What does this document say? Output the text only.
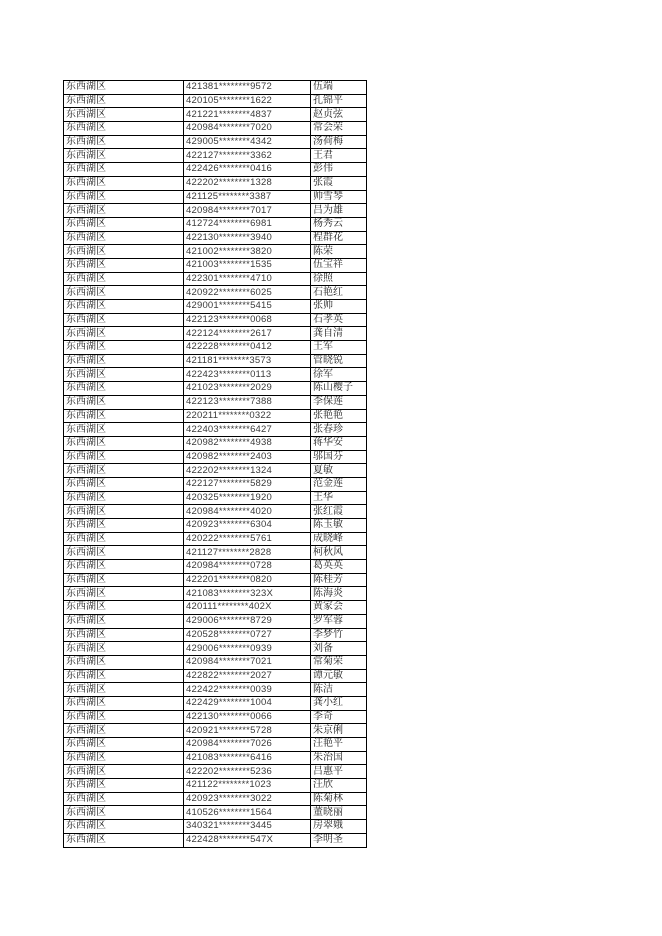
东西湖区	421381********9572	伍端
东西湖区	420105********1622	孔锦平
东西湖区	421221********4837	赵贞弦
东西湖区	420984********7020	常会荣
东西湖区	429005********4342	汤荷梅
东西湖区	422127********3362	王君
东西湖区	422426********0416	彭伟
东西湖区	422202********1328	张霞
东西湖区	421125********3387	帅雪琴
东西湖区	420984********7017	吕为雄
东西湖区	412724********6981	杨秀云
东西湖区	422130********3940	程群花
东西湖区	421002********3820	陈荣
东西湖区	421003********1535	伍宝祥
东西湖区	422301********4710	徐照
东西湖区	420922********6025	石艳红
东西湖区	429001********5415	张帅
东西湖区	422123********0068	石孝英
东西湖区	422124********2617	龚自清
东西湖区	422228********0412	王军
东西湖区	421181********3573	管晓锐
东西湖区	422423********0113	徐军
东西湖区	421023********2029	陈山樱子
东西湖区	422123********7388	李保莲
东西湖区	220211********0322	张艳艳
东西湖区	422403********6427	张春珍
东西湖区	420982********4938	蒋华安
东西湖区	420982********2403	邬国芬
东西湖区	422202********1324	夏敏
东西湖区	422127********5829	范金莲
东西湖区	420325********1920	王华
东西湖区	420984********4020	张红霞
东西湖区	420923********6304	陈玉敏
东西湖区	420222********5761	成晓峰
东西湖区	421127********2828	柯秋风
东西湖区	420984********0728	葛英英
东西湖区	422201********0820	陈桂芳
东西湖区	421083********323X	陈海炎
东西湖区	420111********402X	黄家会
东西湖区	429006********8729	罗军蓉
东西湖区	420528********0727	李梦竹
东西湖区	429006********0939	刘备
东西湖区	420984********7021	常菊荣
东西湖区	422822********2027	谭元敏
东西湖区	422422********0039	陈洁
东西湖区	422429********1004	龚小红
东西湖区	422130********0066	李奇
东西湖区	420921********5728	朱京俐
东西湖区	420984********7026	汪艳平
东西湖区	421083********6416	朱治国
东西湖区	422202********5236	吕惠平
东西湖区	421122********1023	汪欣
东西湖区	420923********3022	陈菊林
东西湖区	410526********1564	董晓丽
东西湖区	340321********3445	房翠娥
东西湖区	422428********547X	李明圣
